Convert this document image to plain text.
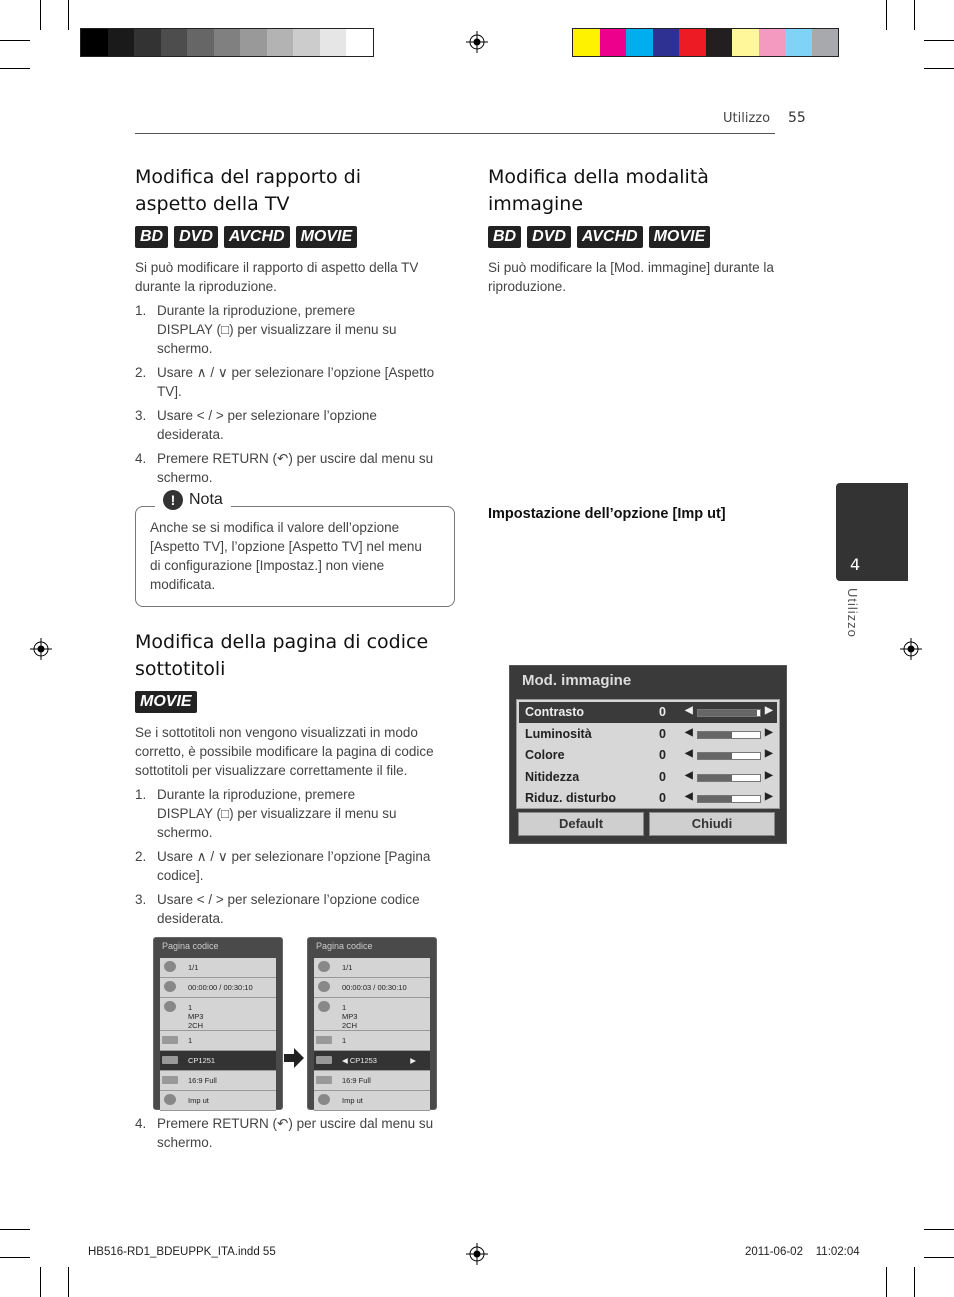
Utilizzo 55
Modifica del rapporto di
aspetto della TV
BD	DVD	AVCHD	MOVIE

Si può modificare il rapporto di aspetto della TV
durante la riproduzione.

1. Durante la riproduzione, premere
DISPLAY (□) per visualizzare il menu su
schermo.

2. Usare ∧ / ∨ per selezionare l’opzione [Aspetto
TV].

3. Usare < / > per selezionare l’opzione
desiderata.

4. Premere RETURN (↶) per uscire dal menu su
schermo.

1. Durante la riproduzione, premere
DISPLAY (□) per visualizzare il menu su
schermo.

2. Usare ∧ / ∨ per selezionare l’opzione [Pagina
codice].

3. Usare < / > per selezionare l’opzione codice
desiderata.

! Nota

Anche se si modifica il valore dell’opzione
[Aspetto TV], l’opzione [Aspetto TV] nel menu
di configurazione [Impostaz.] non viene
modificata.

Modifica della pagina di codice
sottotitoli
MOVIE

Se i sottotitoli non vengono visualizzati in modo
corretto, è possibile modificare la pagina di codice
sottotitoli per visualizzare correttamente il file.

Pagina codice
1/1
00:00:00 / 00:30:10
1
MP3
2CH
1
CP1251
16:9 Full
Imp ut
Pagina codice
1/1
00:00:03 / 00:30:10
1
MP3
2CH
1
◀ CP1253                ▶
16:9 Full
Imp ut
Modifica della modalità
immagine
BD	DVD	AVCHD	MOVIE

Si può modificare la [Mod. immagine] durante la
riproduzione.

Impostazione dell’opzione [Imp ut]
Mod. immagine
Contrasto	0 ◀	▶
Luminosità	0 ◀	▶
Colore	0 ◀	▶
Nitidezza	0 ◀	▶
Riduz. disturbo	0 ◀	▶
Default	Chiudi
4
Utilizzo
HB516-RD1_BDEUPPK_ITA.indd 55	2011-06-02    11:02:04
4. Premere RETURN (↶) per uscire dal menu su
schermo.
